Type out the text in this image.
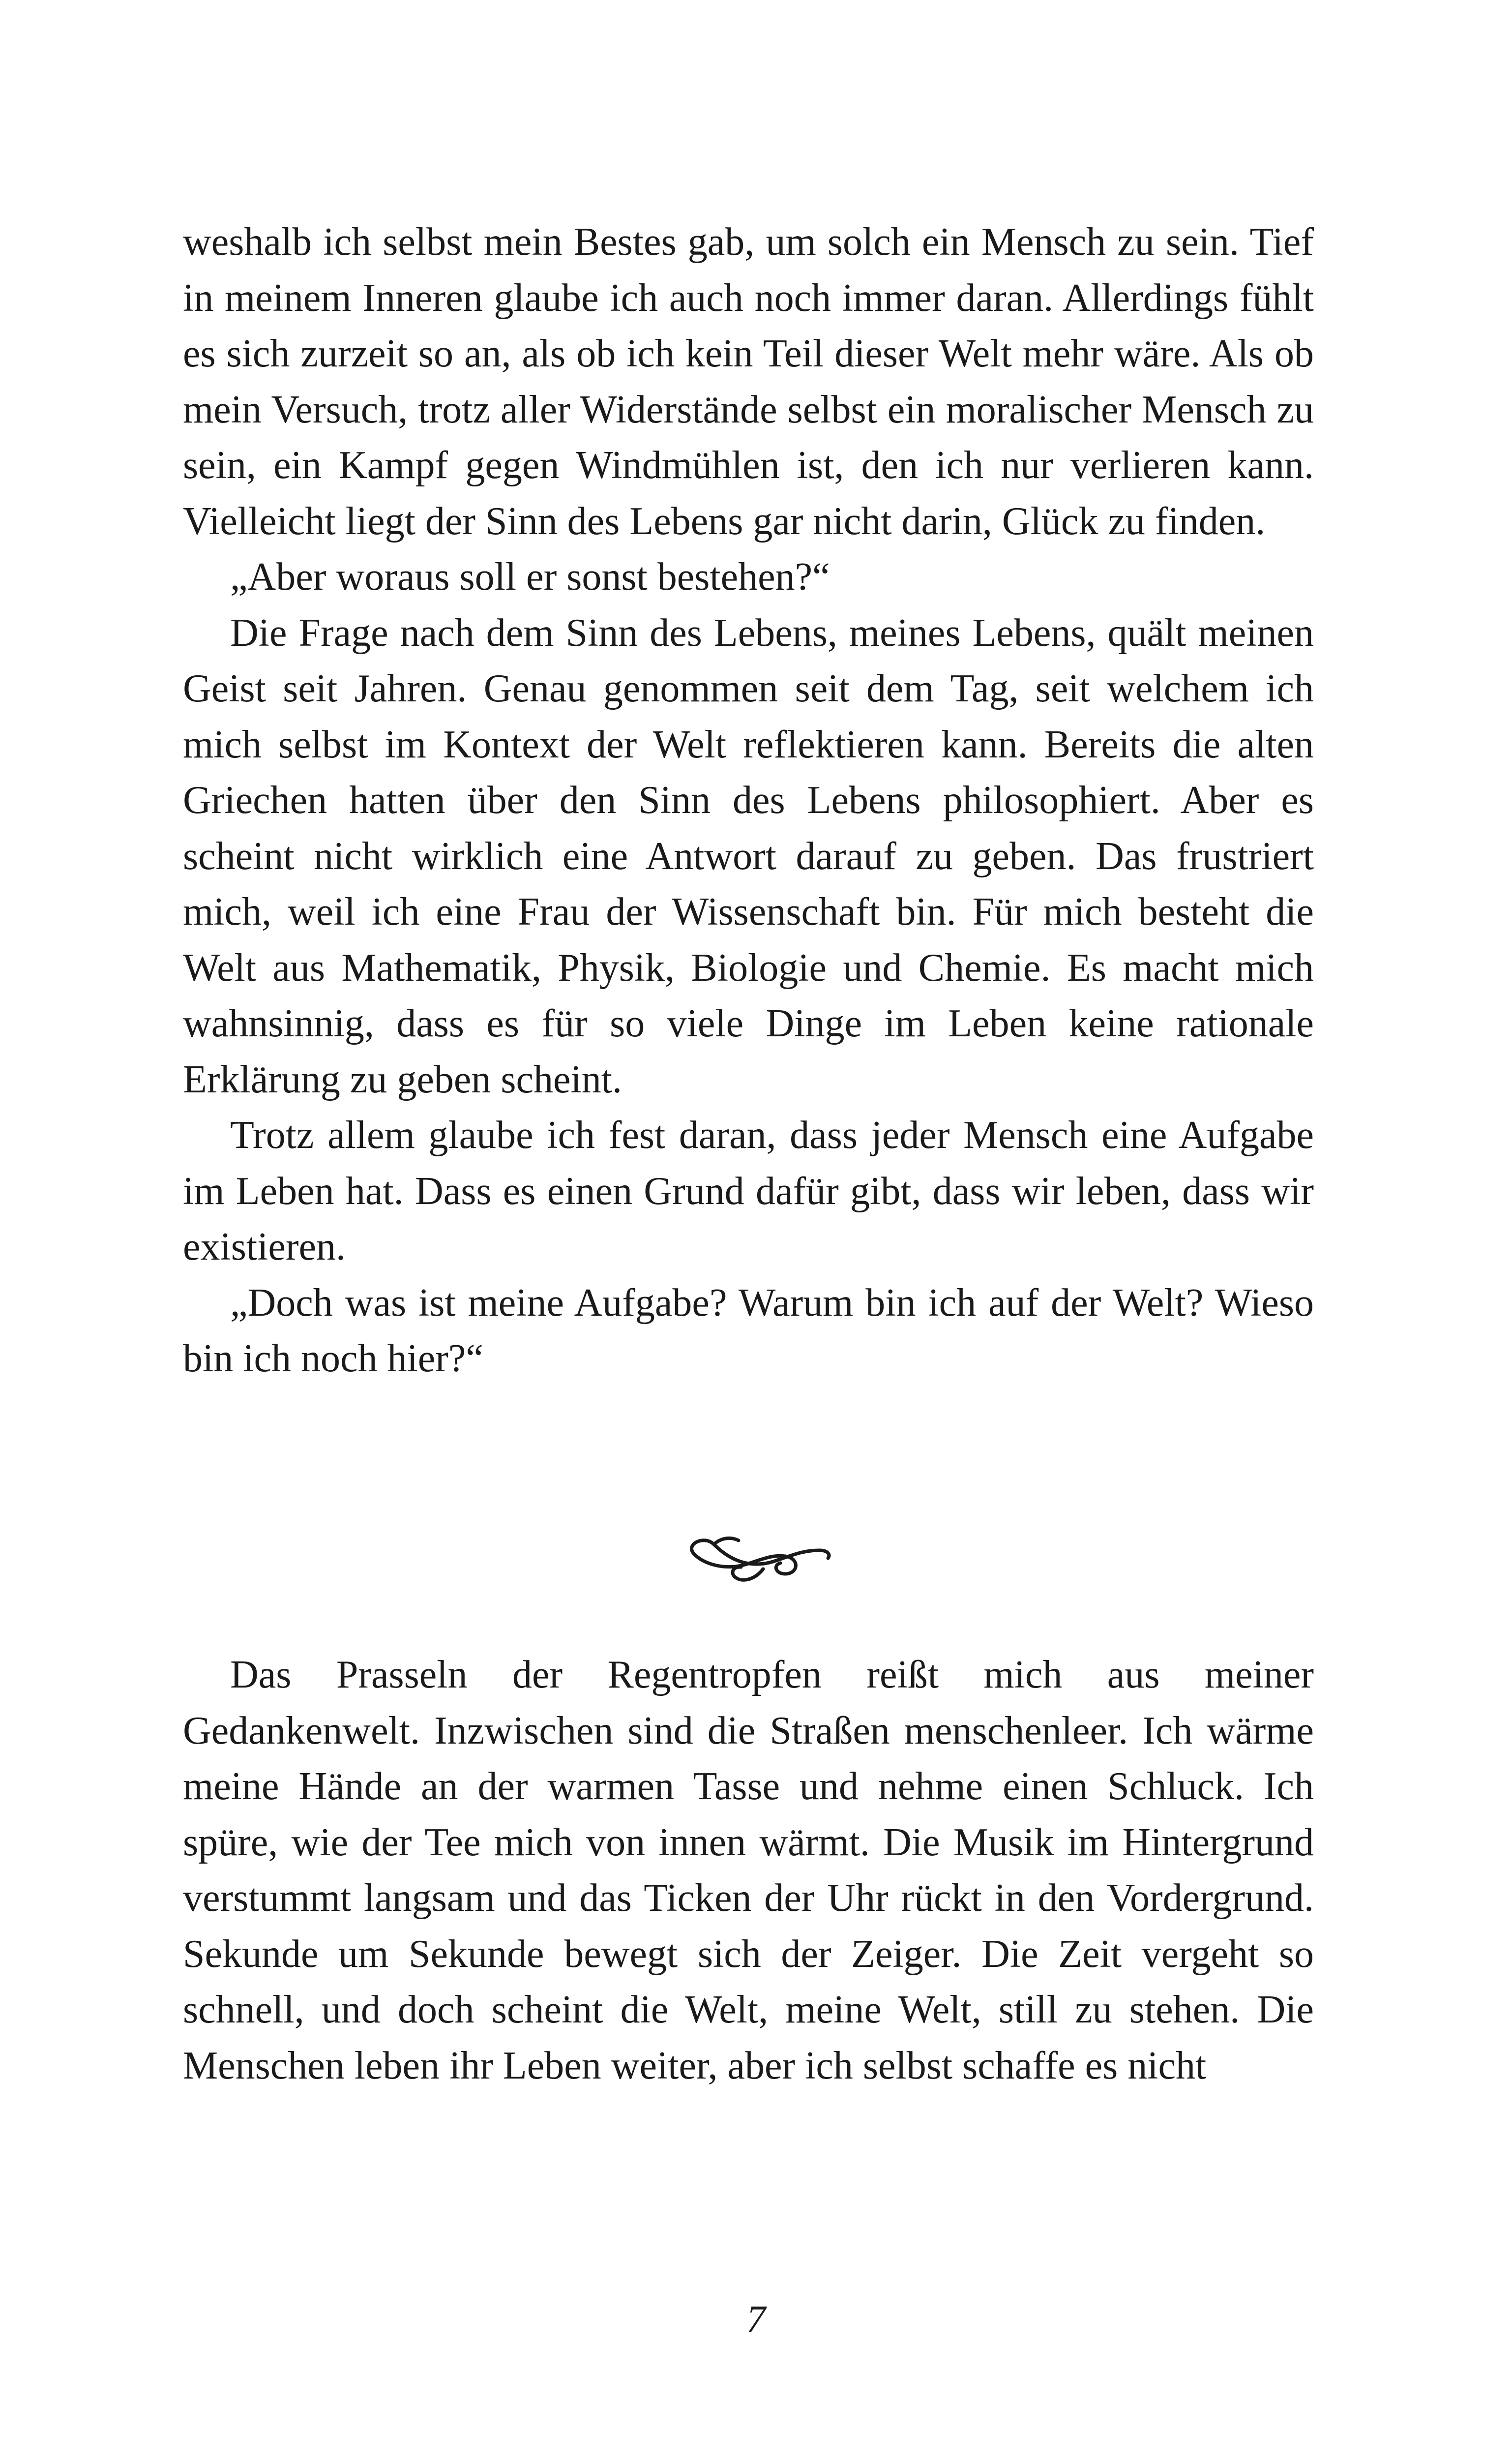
weshalb ich selbst mein Bestes gab, um solch ein Mensch zu sein. Tief in meinem Inneren glaube ich auch noch immer daran. Allerdings fühlt es sich zurzeit so an, als ob ich kein Teil dieser Welt mehr wäre. Als ob mein Versuch, trotz aller Widerstände selbst ein moralischer Mensch zu sein, ein Kampf gegen Windmühlen ist, den ich nur verlieren kann. Vielleicht liegt der Sinn des Lebens gar nicht darin, Glück zu finden.

„Aber woraus soll er sonst bestehen?“

Die Frage nach dem Sinn des Lebens, meines Lebens, quält meinen Geist seit Jahren. Genau genommen seit dem Tag, seit welchem ich mich selbst im Kontext der Welt reflektieren kann. Bereits die alten Griechen hatten über den Sinn des Lebens philosophiert. Aber es scheint nicht wirklich eine Antwort darauf zu geben. Das frustriert mich, weil ich eine Frau der Wissenschaft bin. Für mich besteht die Welt aus Mathematik, Physik, Biologie und Chemie. Es macht mich wahnsinnig, dass es für so viele Dinge im Leben keine rationale Erklärung zu geben scheint.

Trotz allem glaube ich fest daran, dass jeder Mensch eine Aufgabe im Leben hat. Dass es einen Grund dafür gibt, dass wir leben, dass wir existieren.

„Doch was ist meine Aufgabe? Warum bin ich auf der Welt? Wieso bin ich noch hier?“

Das Prasseln der Regentropfen reißt mich aus meiner Gedankenwelt. Inzwischen sind die Straßen menschenleer. Ich wärme meine Hände an der warmen Tasse und nehme einen Schluck. Ich spüre, wie der Tee mich von innen wärmt. Die Musik im Hintergrund verstummt langsam und das Ticken der Uhr rückt in den Vordergrund. Sekunde um Sekunde bewegt sich der Zeiger. Die Zeit vergeht so schnell, und doch scheint die Welt, meine Welt, still zu stehen. Die Menschen leben ihr Leben weiter, aber ich selbst schaffe es nicht

7
